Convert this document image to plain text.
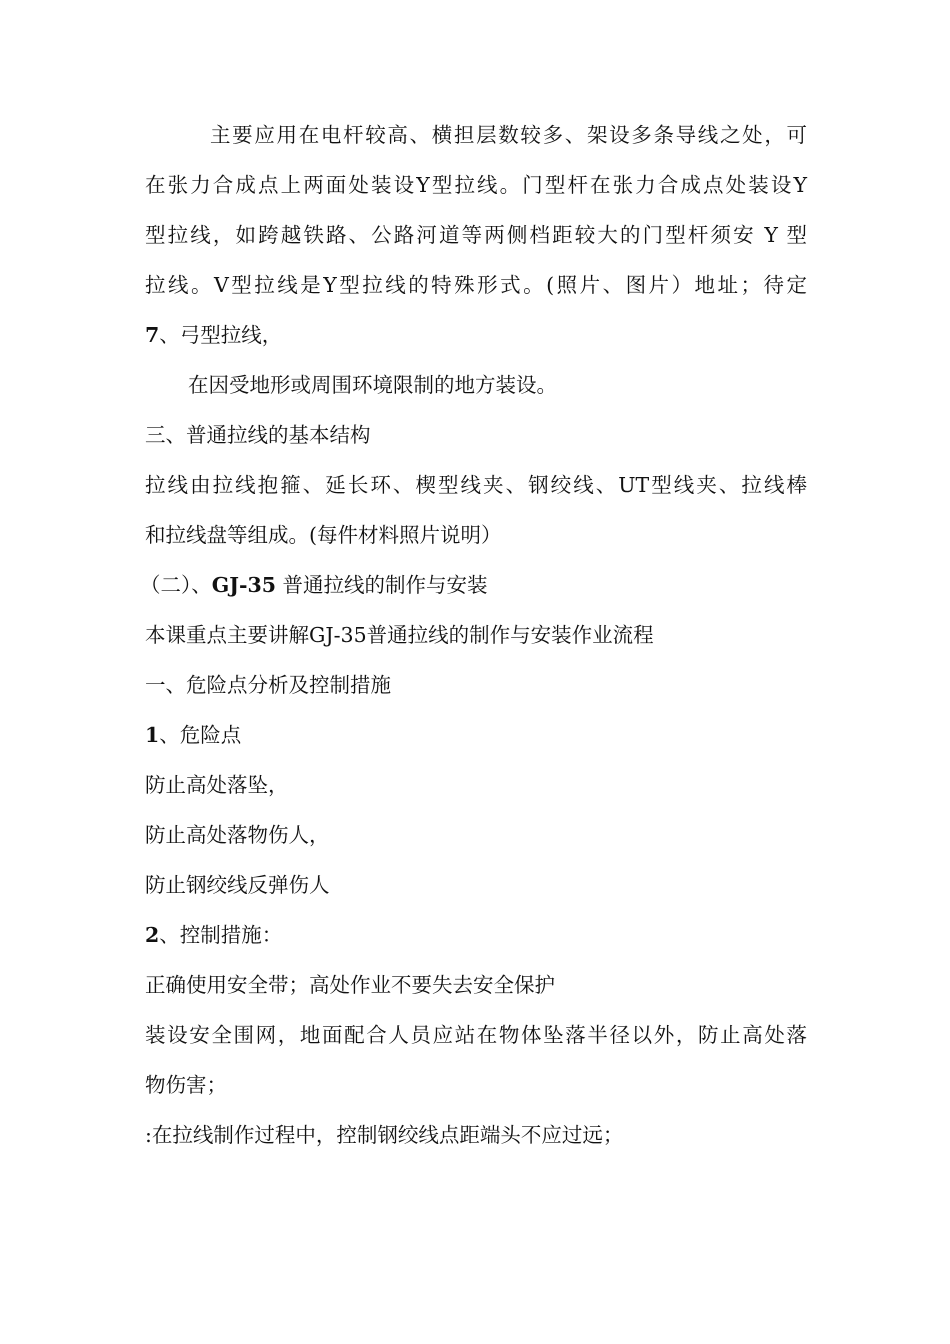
主要应用在电杆较高、横担层数较多、架设多条导线之处，可
在张力合成点上两面处装设Y型拉线。门型杆在张力合成点处装设Y
型拉线，如跨越铁路、公路河道等两侧档距较大的门型杆须安 Y 型
拉线。V型拉线是Y型拉线的特殊形式。(照片、图片）地址；待定
7、弓型拉线，
在因受地形或周围环境限制的地方装设。
三、普通拉线的基本结构
拉线由拉线抱箍、延长环、楔型线夹、钢绞线、UT型线夹、拉线棒
和拉线盘等组成。(每件材料照片说明）
（二）、GJ-35 普通拉线的制作与安装
本课重点主要讲解GJ-35普通拉线的制作与安装作业流程
一、危险点分析及控制措施
1、危险点
防止高处落坠，
防止高处落物伤人，
防止钢绞线反弹伤人
2、控制措施：
正确使用安全带；高处作业不要失去安全保护
装设安全围网，地面配合人员应站在物体坠落半径以外，防止高处落
物伤害；
:在拉线制作过程中，控制钢绞线点距端头不应过远；
